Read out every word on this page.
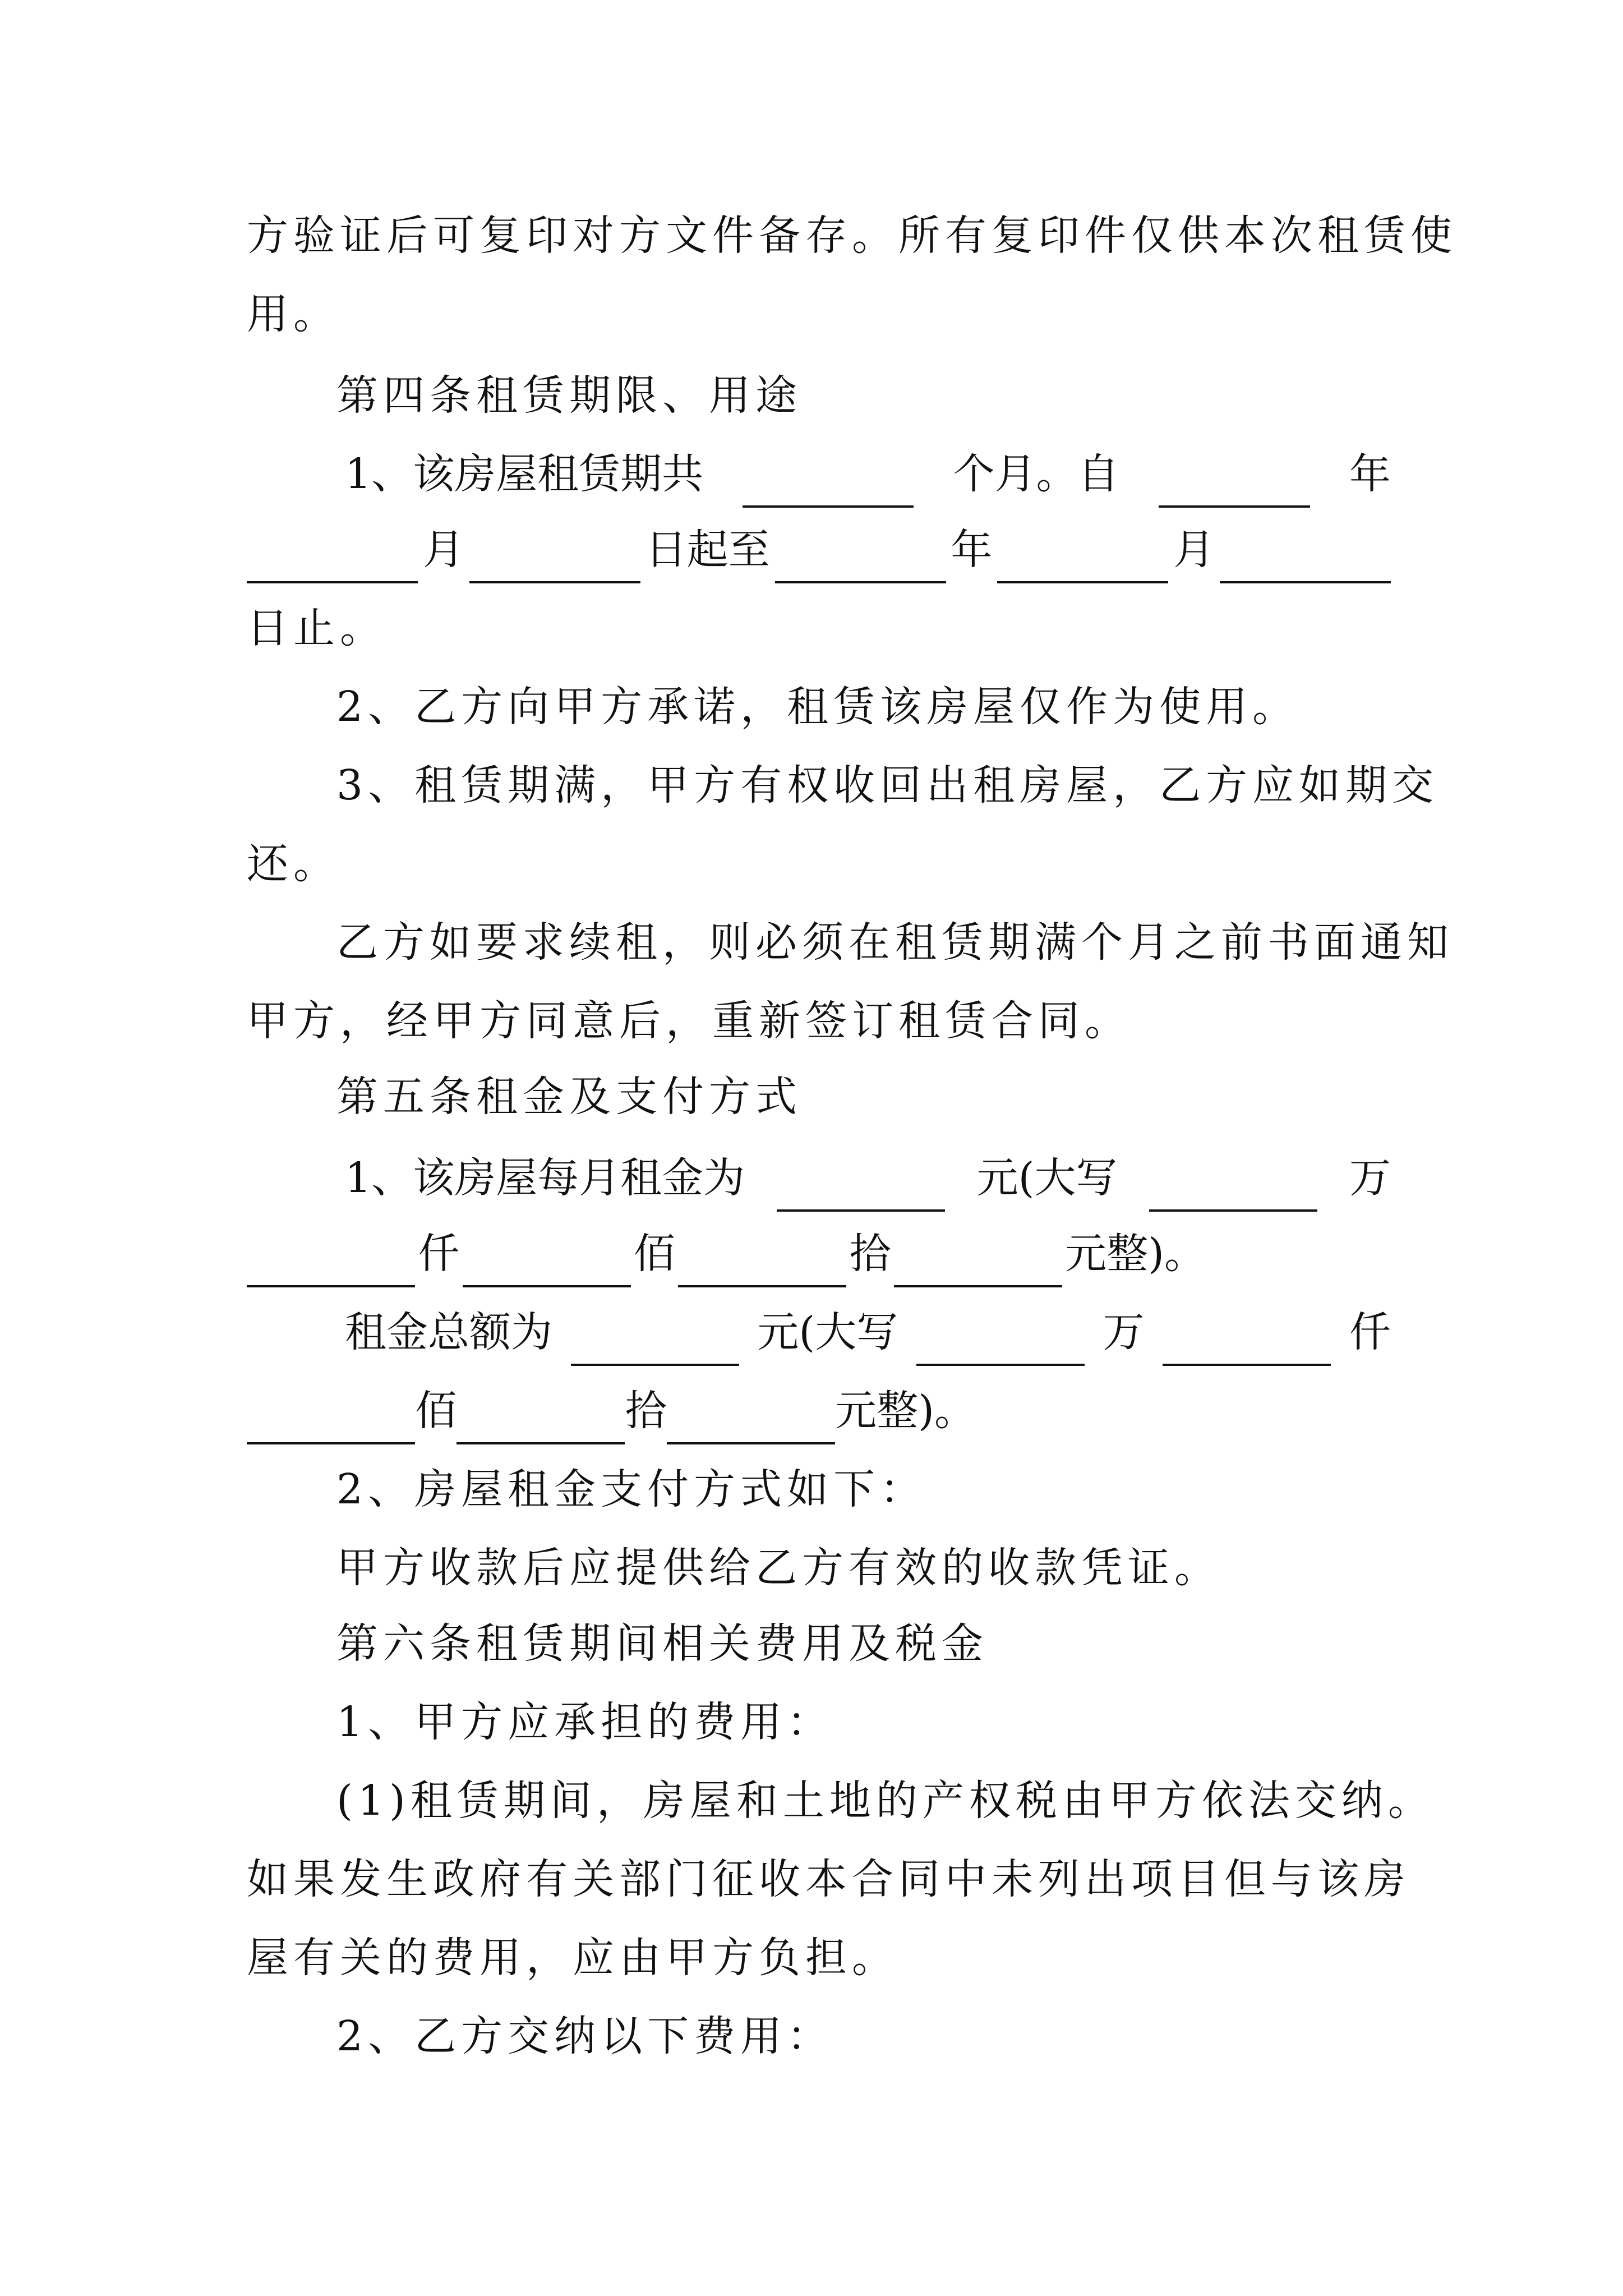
方验证后可复印对方文件备存。所有复印件仅供本次租赁使
用。
第四条租赁期限、用途
1、该房屋租赁期共	个月。自	年
月	日起至	年	月
日止。
2、乙方向甲方承诺，租赁该房屋仅作为使用。
3、租赁期满，甲方有权收回出租房屋，乙方应如期交
还。
乙方如要求续租，则必须在租赁期满个月之前书面通知
甲方，经甲方同意后，重新签订租赁合同。
第五条租金及支付方式
1、该房屋每月租金为	元(大写	万
仟	佰	拾	元整)。
租金总额为	元(大写	万	仟
佰	拾	元整)。
2、房屋租金支付方式如下：
甲方收款后应提供给乙方有效的收款凭证。
第六条租赁期间相关费用及税金
1、甲方应承担的费用：
(1)租赁期间，房屋和土地的产权税由甲方依法交纳。
如果发生政府有关部门征收本合同中未列出项目但与该房
屋有关的费用，应由甲方负担。
2、乙方交纳以下费用：
